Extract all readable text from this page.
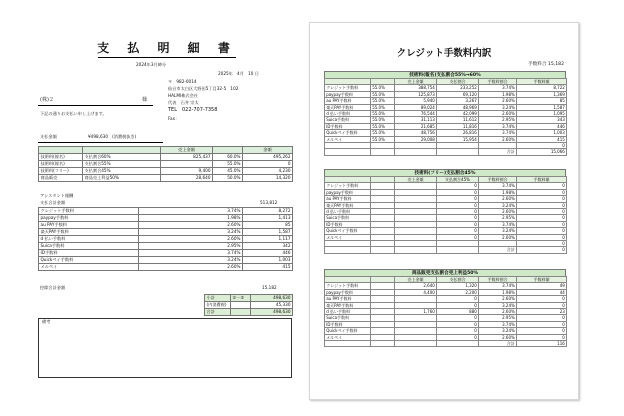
支 払 明 細 書
2024年3月締分
2025年　4月　10 日
(株)２	様
下記の通りお支払い申し上げます。
〒　982-0014
仙台市太白区大野田5丁目32-5　102
HALMI株式会社
代表　石井 宗太
TEL　022-707-7358
Fax：
支払金額	¥498,630　(消費税抜き)
		売上金額		金額
技術料(報名)	支払割合60%	825,437	60.0%	495,262
技術料(報名)	支払割合55%		55.0%	0
技術料(フリー)	支払割合45%	9,400	45.0%	4,230
商品販売	商品売上利益50%	28,640	50.0%	14,320
アシスタント報酬
支払合計金額	513,812
クレジット手数料	3.74%	8,272
paypay手数料	1.98%	1,413
au PAY手数料	2.60%	85
楽天PAY手数料	3.24%	1,587
d 払い手数料	2.60%	1,117
Suica手数料	2.95%	342
ID手数料	3.74%	446
Quickペイ手数料	3.24%	1,003
メルペイ	2.60%	415
控除合計金額	15,182
小計	①－②	498,630
(内消費税)		45,330
合計		498,630
備考
クレジット手数料内訳
手数料合 15,182
技術料(報名)支払割合55%→60%
		売上金額	支払割合	手数料割合	手数料額
クレジット手数料	55.0%	388,754	233,252	3.74%	8,722
paypay手数料	55.0%	125,873	69,120	1.98%	1,369
au PAY手数料	55.0%	5,940	3,267	2.60%	85
楽天PAY手数料	55.0%	89,024	48,969	3.24%	1,587
d 払い手数料	55.0%	76,544	42,099	2.60%	1,095
Suica手数料	55.0%	31,113	11,612	2.95%	343
ID手数料	55.0%	21,685	11,816	3.74%	446
Quickペイ手数料	55.0%	48,756	26,816	3.74%	1,003
メルペイ	55.0%	29,008	15,954	2.60%	415
					0
				合計	15,066
技術料(フリー)支払割合45%
		売上金額	支払割合45%	手数料割合	手数料額
クレジット手数料			0	3.74%	0
paypay手数料			0	1.98%	0
au PAY手数料			0	2.60%	0
楽天PAY手数料			0	3.24%	0
d 払い手数料			0	2.60%	0
Suica手数料			0	2.95%	0
ID手数料			0	3.74%	0
Quickペイ手数料			0	3.24%	0
メルペイ			0	2.60%	0
					0
				合計	0
商品販売支払割合売上利益50%
		売上金額	支払割合	手数料割合	手数料額
クレジット手数料		2,640	1,320	3.74%	49
paypay手数料		4,400	2,200	1.98%	44
au PAY手数料			0	2.60%	0
楽天PAY手数料			0	3.24%	0
d 払い手数料		1,760	880	2.60%	23
Suica手数料			0	2.95%	0
ID手数料			0	3.74%	0
Quickペイ手数料			0	3.24%	0
メルペイ			0	2.60%	0
				合計	116
